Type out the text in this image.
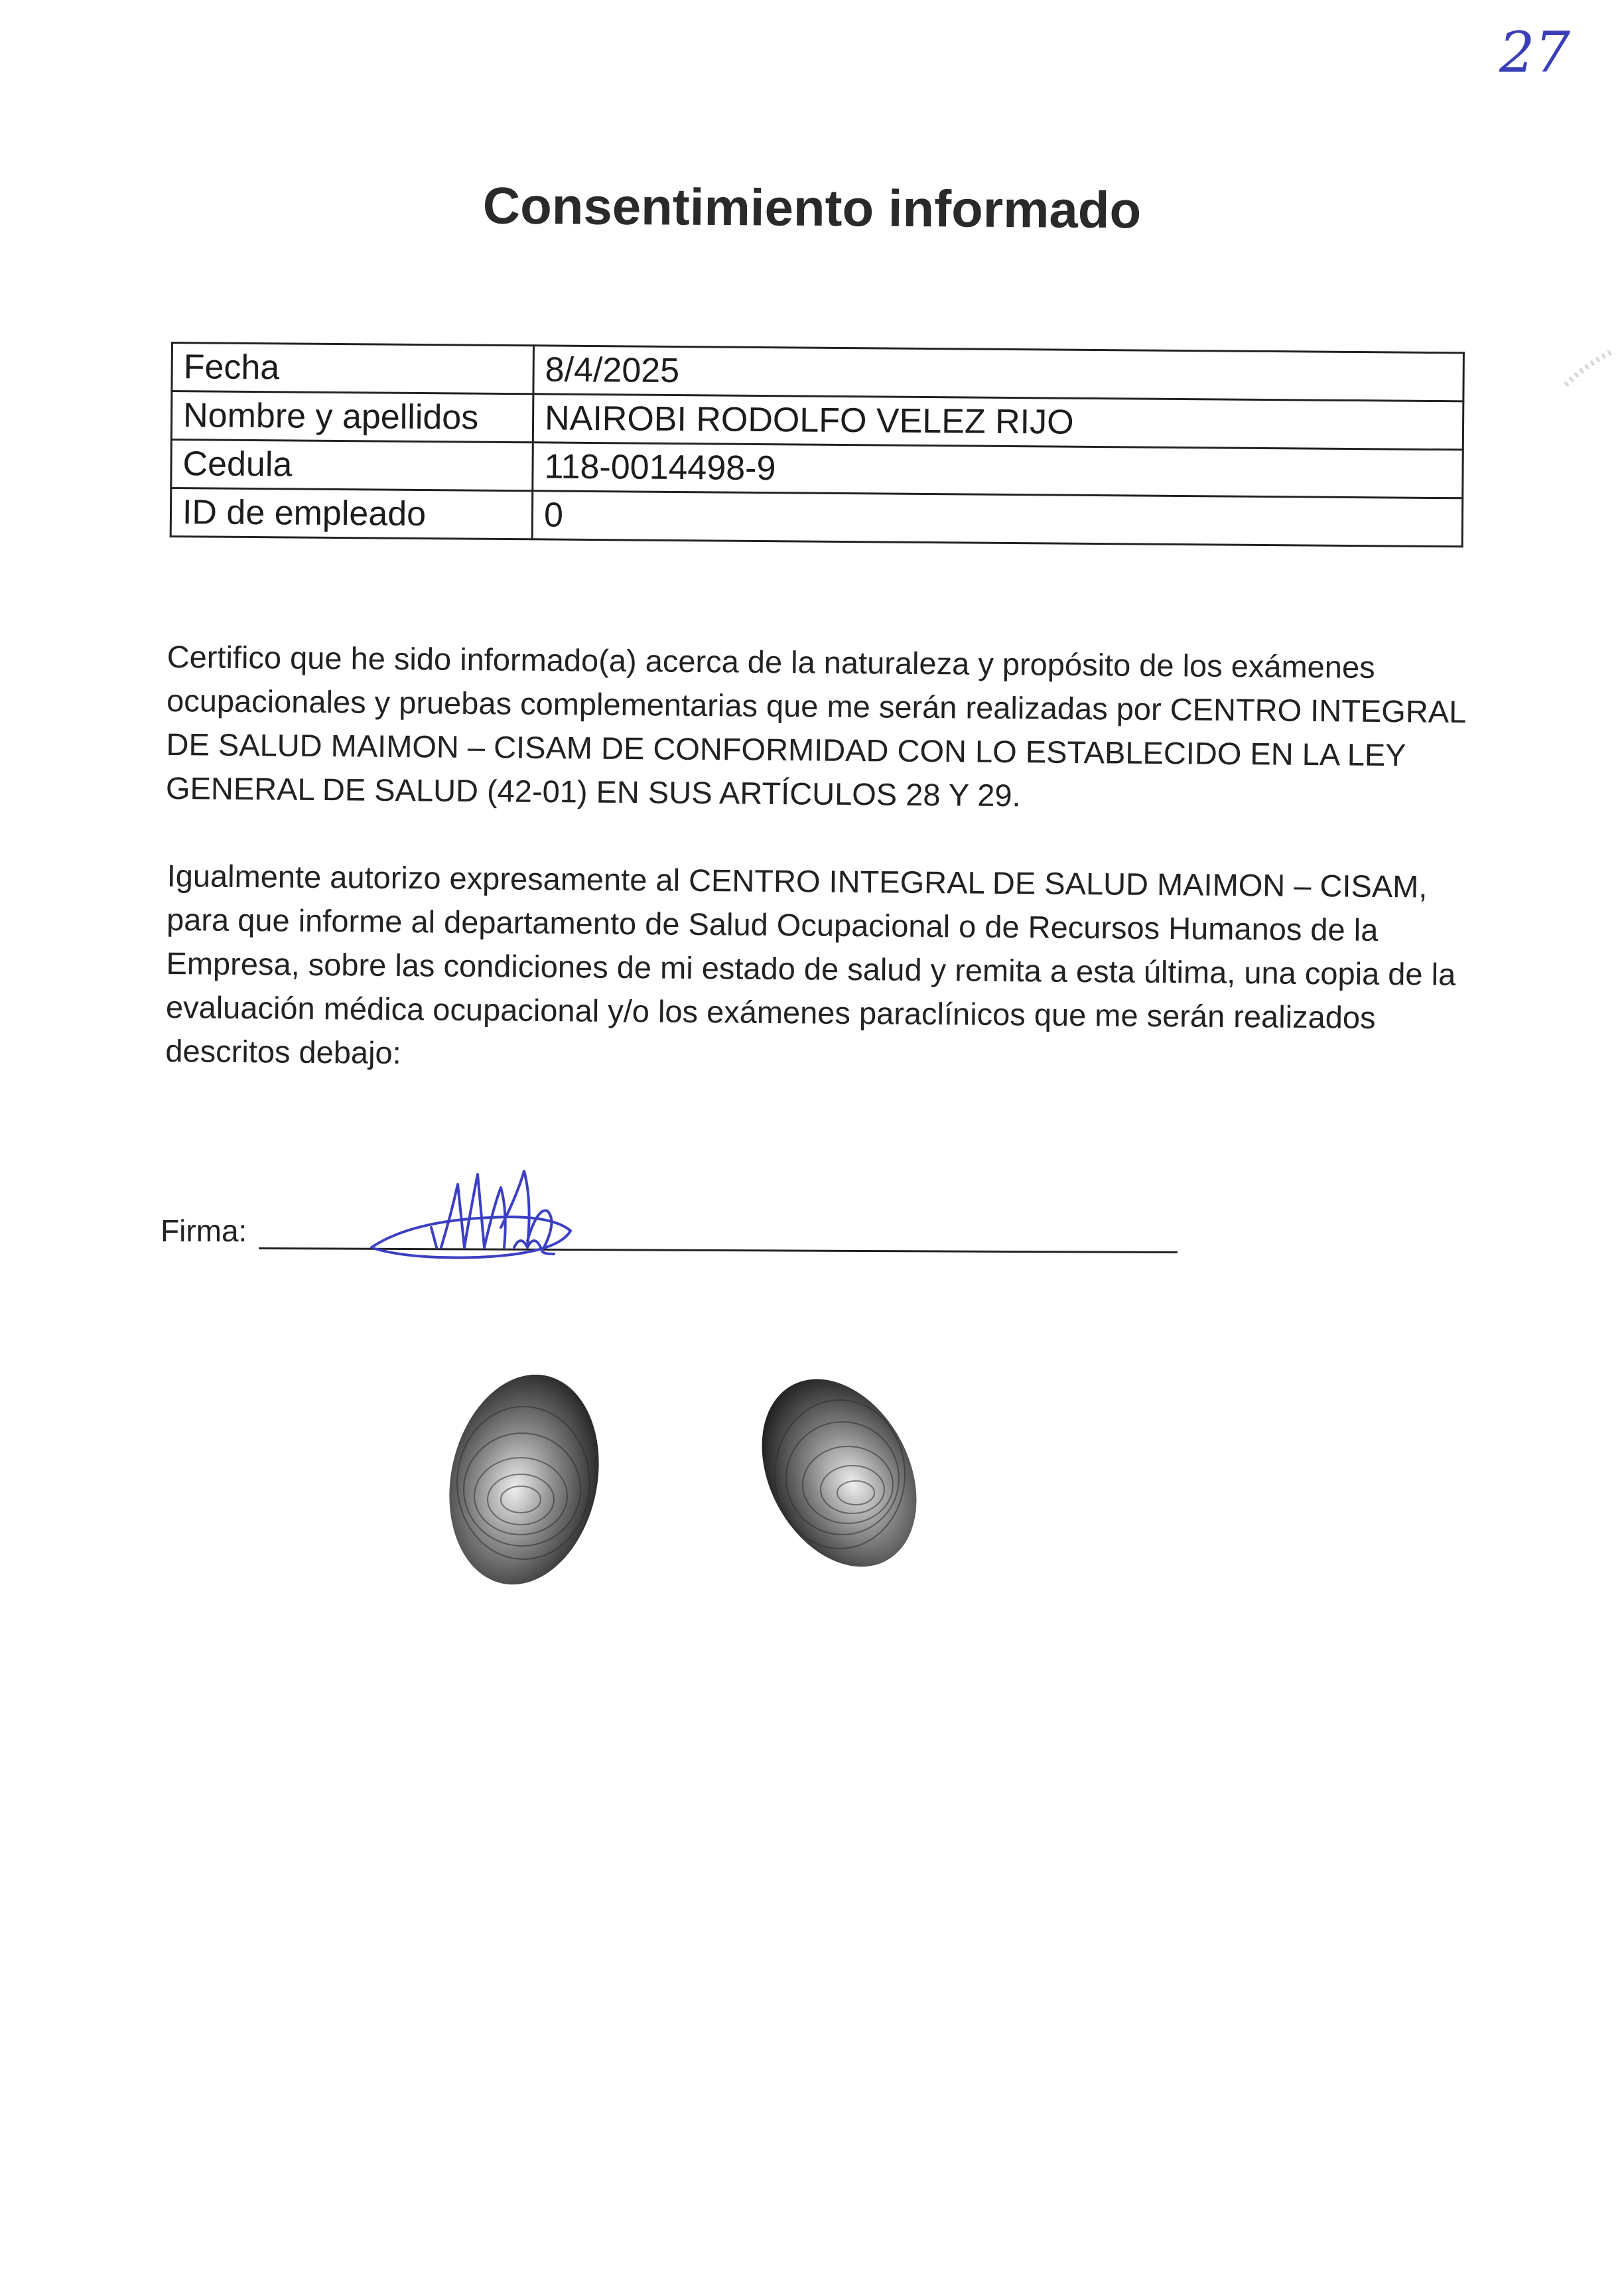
27
Consentimiento informado
Fecha	8/4/2025
Nombre y apellidos	NAIROBI RODOLFO VELEZ RIJO
Cedula	118-0014498-9
ID de empleado	0

Certifico que he sido informado(a) acerca de la naturaleza y propósito de los exámenes ocupacionales y pruebas complementarias que me serán realizadas por CENTRO INTEGRAL DE SALUD MAIMON – CISAM DE CONFORMIDAD CON LO ESTABLECIDO EN LA LEY GENERAL DE SALUD (42-01) EN SUS ARTÍCULOS 28 Y 29.

Igualmente autorizo expresamente al CENTRO INTEGRAL DE SALUD MAIMON – CISAM, para que informe al departamento de Salud Ocupacional o de Recursos Humanos de la Empresa, sobre las condiciones de mi estado de salud y remita a esta última, una copia de la evaluación médica ocupacional y/o los exámenes paraclínicos que me serán realizados descritos debajo:

Firma:
